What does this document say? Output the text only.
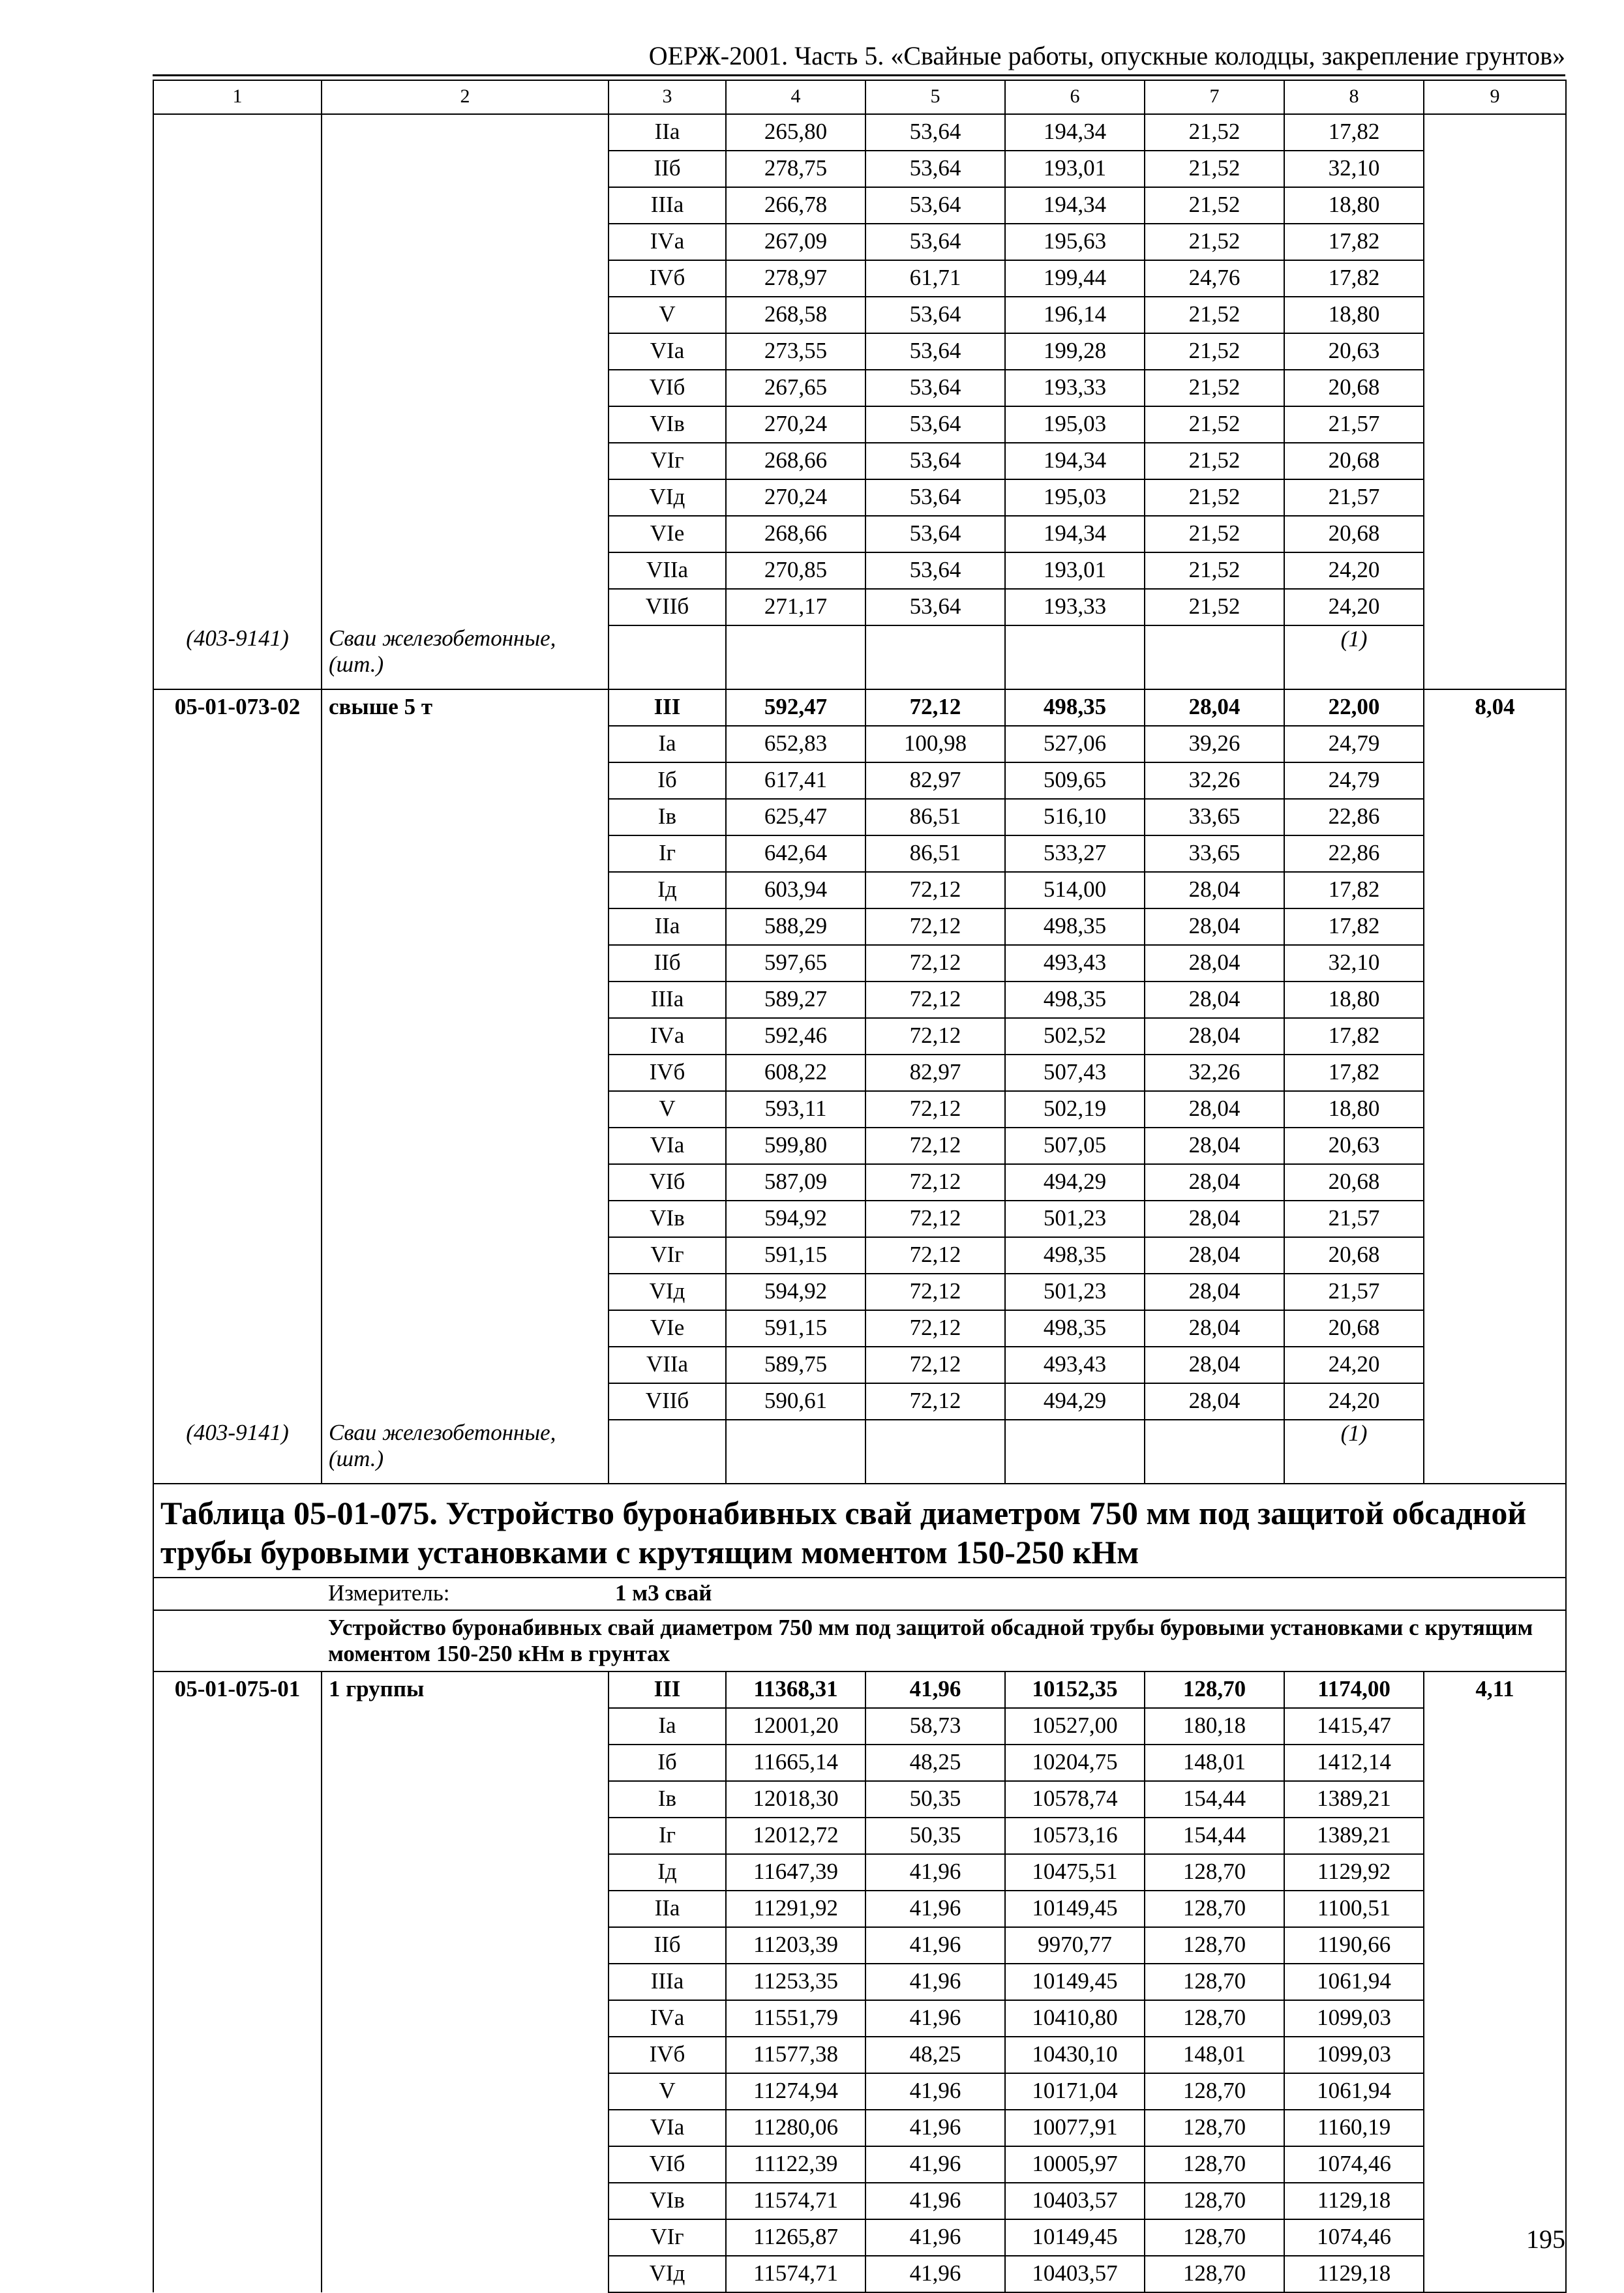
ОЕРЖ-2001. Часть 5. «Свайные работы, опускные колодцы, закрепление грунтов»
1	2	3	4	5	6	7	8	9
		IIа	265,80	53,64	194,34	21,52	17,82	
		IIб	278,75	53,64	193,01	21,52	32,10	
		IIIа	266,78	53,64	194,34	21,52	18,80	
		IVа	267,09	53,64	195,63	21,52	17,82	
		IVб	278,97	61,71	199,44	24,76	17,82	
		V	268,58	53,64	196,14	21,52	18,80	
		VIа	273,55	53,64	199,28	21,52	20,63	
		VIб	267,65	53,64	193,33	21,52	20,68	
		VIв	270,24	53,64	195,03	21,52	21,57	
		VIг	268,66	53,64	194,34	21,52	20,68	
		VIд	270,24	53,64	195,03	21,52	21,57	
		VIе	268,66	53,64	194,34	21,52	20,68	
		VIIа	270,85	53,64	193,01	21,52	24,20	
		VIIб	271,17	53,64	193,33	21,52	24,20	
(403-9141)	Сваи железобетонные, (шт.)						(1)	
05-01-073-02	свыше 5 т	III	592,47	72,12	498,35	28,04	22,00	8,04
		Iа	652,83	100,98	527,06	39,26	24,79	
		Iб	617,41	82,97	509,65	32,26	24,79	
		Iв	625,47	86,51	516,10	33,65	22,86	
		Iг	642,64	86,51	533,27	33,65	22,86	
		Iд	603,94	72,12	514,00	28,04	17,82	
		IIа	588,29	72,12	498,35	28,04	17,82	
		IIб	597,65	72,12	493,43	28,04	32,10	
		IIIа	589,27	72,12	498,35	28,04	18,80	
		IVа	592,46	72,12	502,52	28,04	17,82	
		IVб	608,22	82,97	507,43	32,26	17,82	
		V	593,11	72,12	502,19	28,04	18,80	
		VIа	599,80	72,12	507,05	28,04	20,63	
		VIб	587,09	72,12	494,29	28,04	20,68	
		VIв	594,92	72,12	501,23	28,04	21,57	
		VIг	591,15	72,12	498,35	28,04	20,68	
		VIд	594,92	72,12	501,23	28,04	21,57	
		VIе	591,15	72,12	498,35	28,04	20,68	
		VIIа	589,75	72,12	493,43	28,04	24,20	
		VIIб	590,61	72,12	494,29	28,04	24,20	
(403-9141)	Сваи железобетонные, (шт.)						(1)	
Таблица 05-01-075. Устройство буронабивных свай диаметром 750 мм под защитой обсадной трубы буровыми установками с крутящим моментом 150-250 кНм								
	Измеритель:	1 м3 свай						
	Устройство буронабивных свай диаметром 750 мм под защитой обсадной трубы буровыми установками с крутящим моментом 150-250 кНм в грунтах							
05-01-075-01	1 группы	III	11368,31	41,96	10152,35	128,70	1174,00	4,11
		Iа	12001,20	58,73	10527,00	180,18	1415,47	
		Iб	11665,14	48,25	10204,75	148,01	1412,14	
		Iв	12018,30	50,35	10578,74	154,44	1389,21	
		Iг	12012,72	50,35	10573,16	154,44	1389,21	
		Iд	11647,39	41,96	10475,51	128,70	1129,92	
		IIа	11291,92	41,96	10149,45	128,70	1100,51	
		IIб	11203,39	41,96	9970,77	128,70	1190,66	
		IIIа	11253,35	41,96	10149,45	128,70	1061,94	
		IVа	11551,79	41,96	10410,80	128,70	1099,03	
		IVб	11577,38	48,25	10430,10	148,01	1099,03	
		V	11274,94	41,96	10171,04	128,70	1061,94	
		VIа	11280,06	41,96	10077,91	128,70	1160,19	
		VIб	11122,39	41,96	10005,97	128,70	1074,46	
		VIв	11574,71	41,96	10403,57	128,70	1129,18	
		VIг	11265,87	41,96	10149,45	128,70	1074,46	
		VIд	11574,71	41,96	10403,57	128,70	1129,18	
195
